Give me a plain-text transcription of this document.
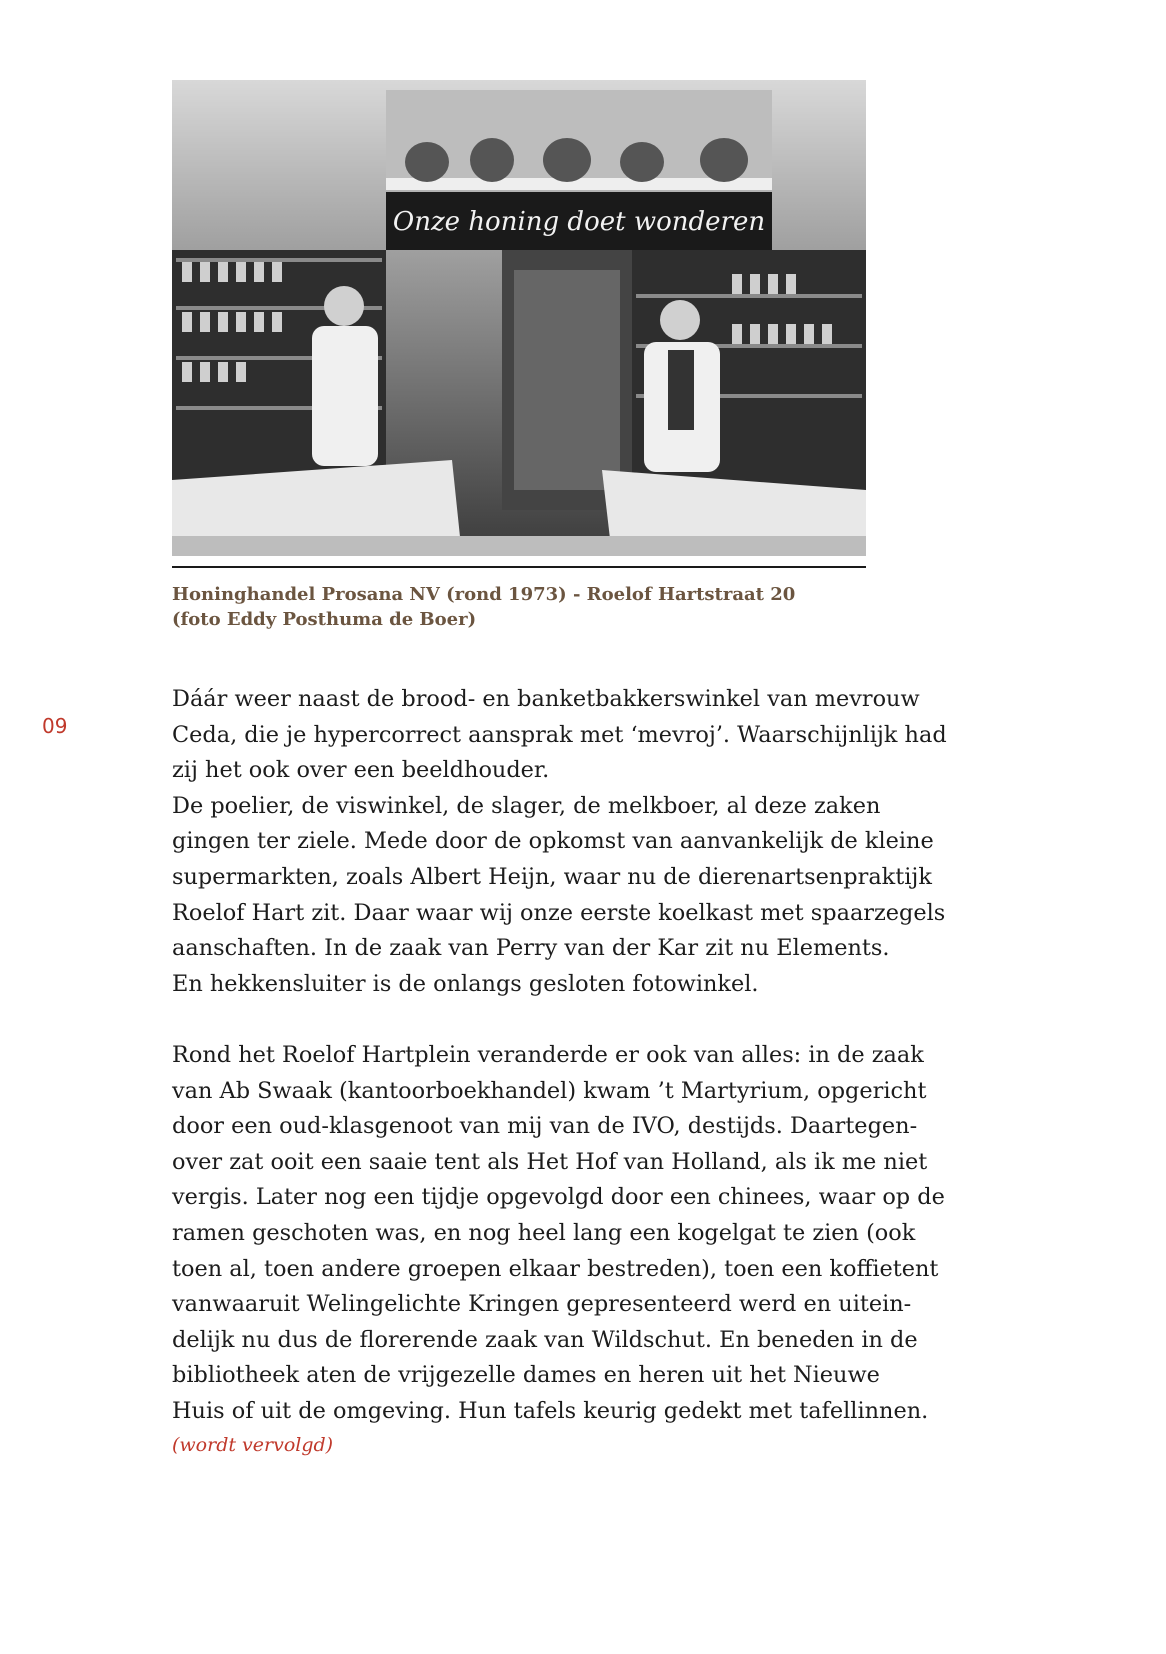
Onze honing doet wonderen
Honinghandel Prosana NV (rond 1973) - Roelof Hartstraat 20
(foto Eddy Posthuma de Boer)
09
Dáár weer naast de brood- en banketbakkerswinkel van mevrouw
Ceda, die je hypercorrect aansprak met ‘mevroj’. Waarschijnlijk had
zij het ook over een beeldhouder.
De poelier, de viswinkel, de slager, de melkboer, al deze zaken
gingen ter ziele. Mede door de opkomst van aanvankelijk de kleine
supermarkten, zoals Albert Heijn, waar nu de dierenartsenpraktijk
Roelof Hart zit. Daar waar wij onze eerste koelkast met spaarzegels
aanschaften. In de zaak van Perry van der Kar zit nu Elements.
En hekkensluiter is de onlangs gesloten fotowinkel.
Rond het Roelof Hartplein veranderde er ook van alles: in de zaak
van Ab Swaak (kantoorboekhandel) kwam ’t Martyrium, opgericht
door een oud-klasgenoot van mij van de IVO, destijds. Daartegen-
over zat ooit een saaie tent als Het Hof van Holland, als ik me niet
vergis. Later nog een tijdje opgevolgd door een chinees, waar op de
ramen geschoten was, en nog heel lang een kogelgat te zien (ook
toen al, toen andere groepen elkaar bestreden), toen een koffietent
vanwaaruit Welingelichte Kringen gepresenteerd werd en uitein-
delijk nu dus de florerende zaak van Wildschut. En beneden in de
bibliotheek aten de vrijgezelle dames en heren uit het Nieuwe
Huis of uit de omgeving. Hun tafels keurig gedekt met tafellinnen.
(wordt vervolgd)
